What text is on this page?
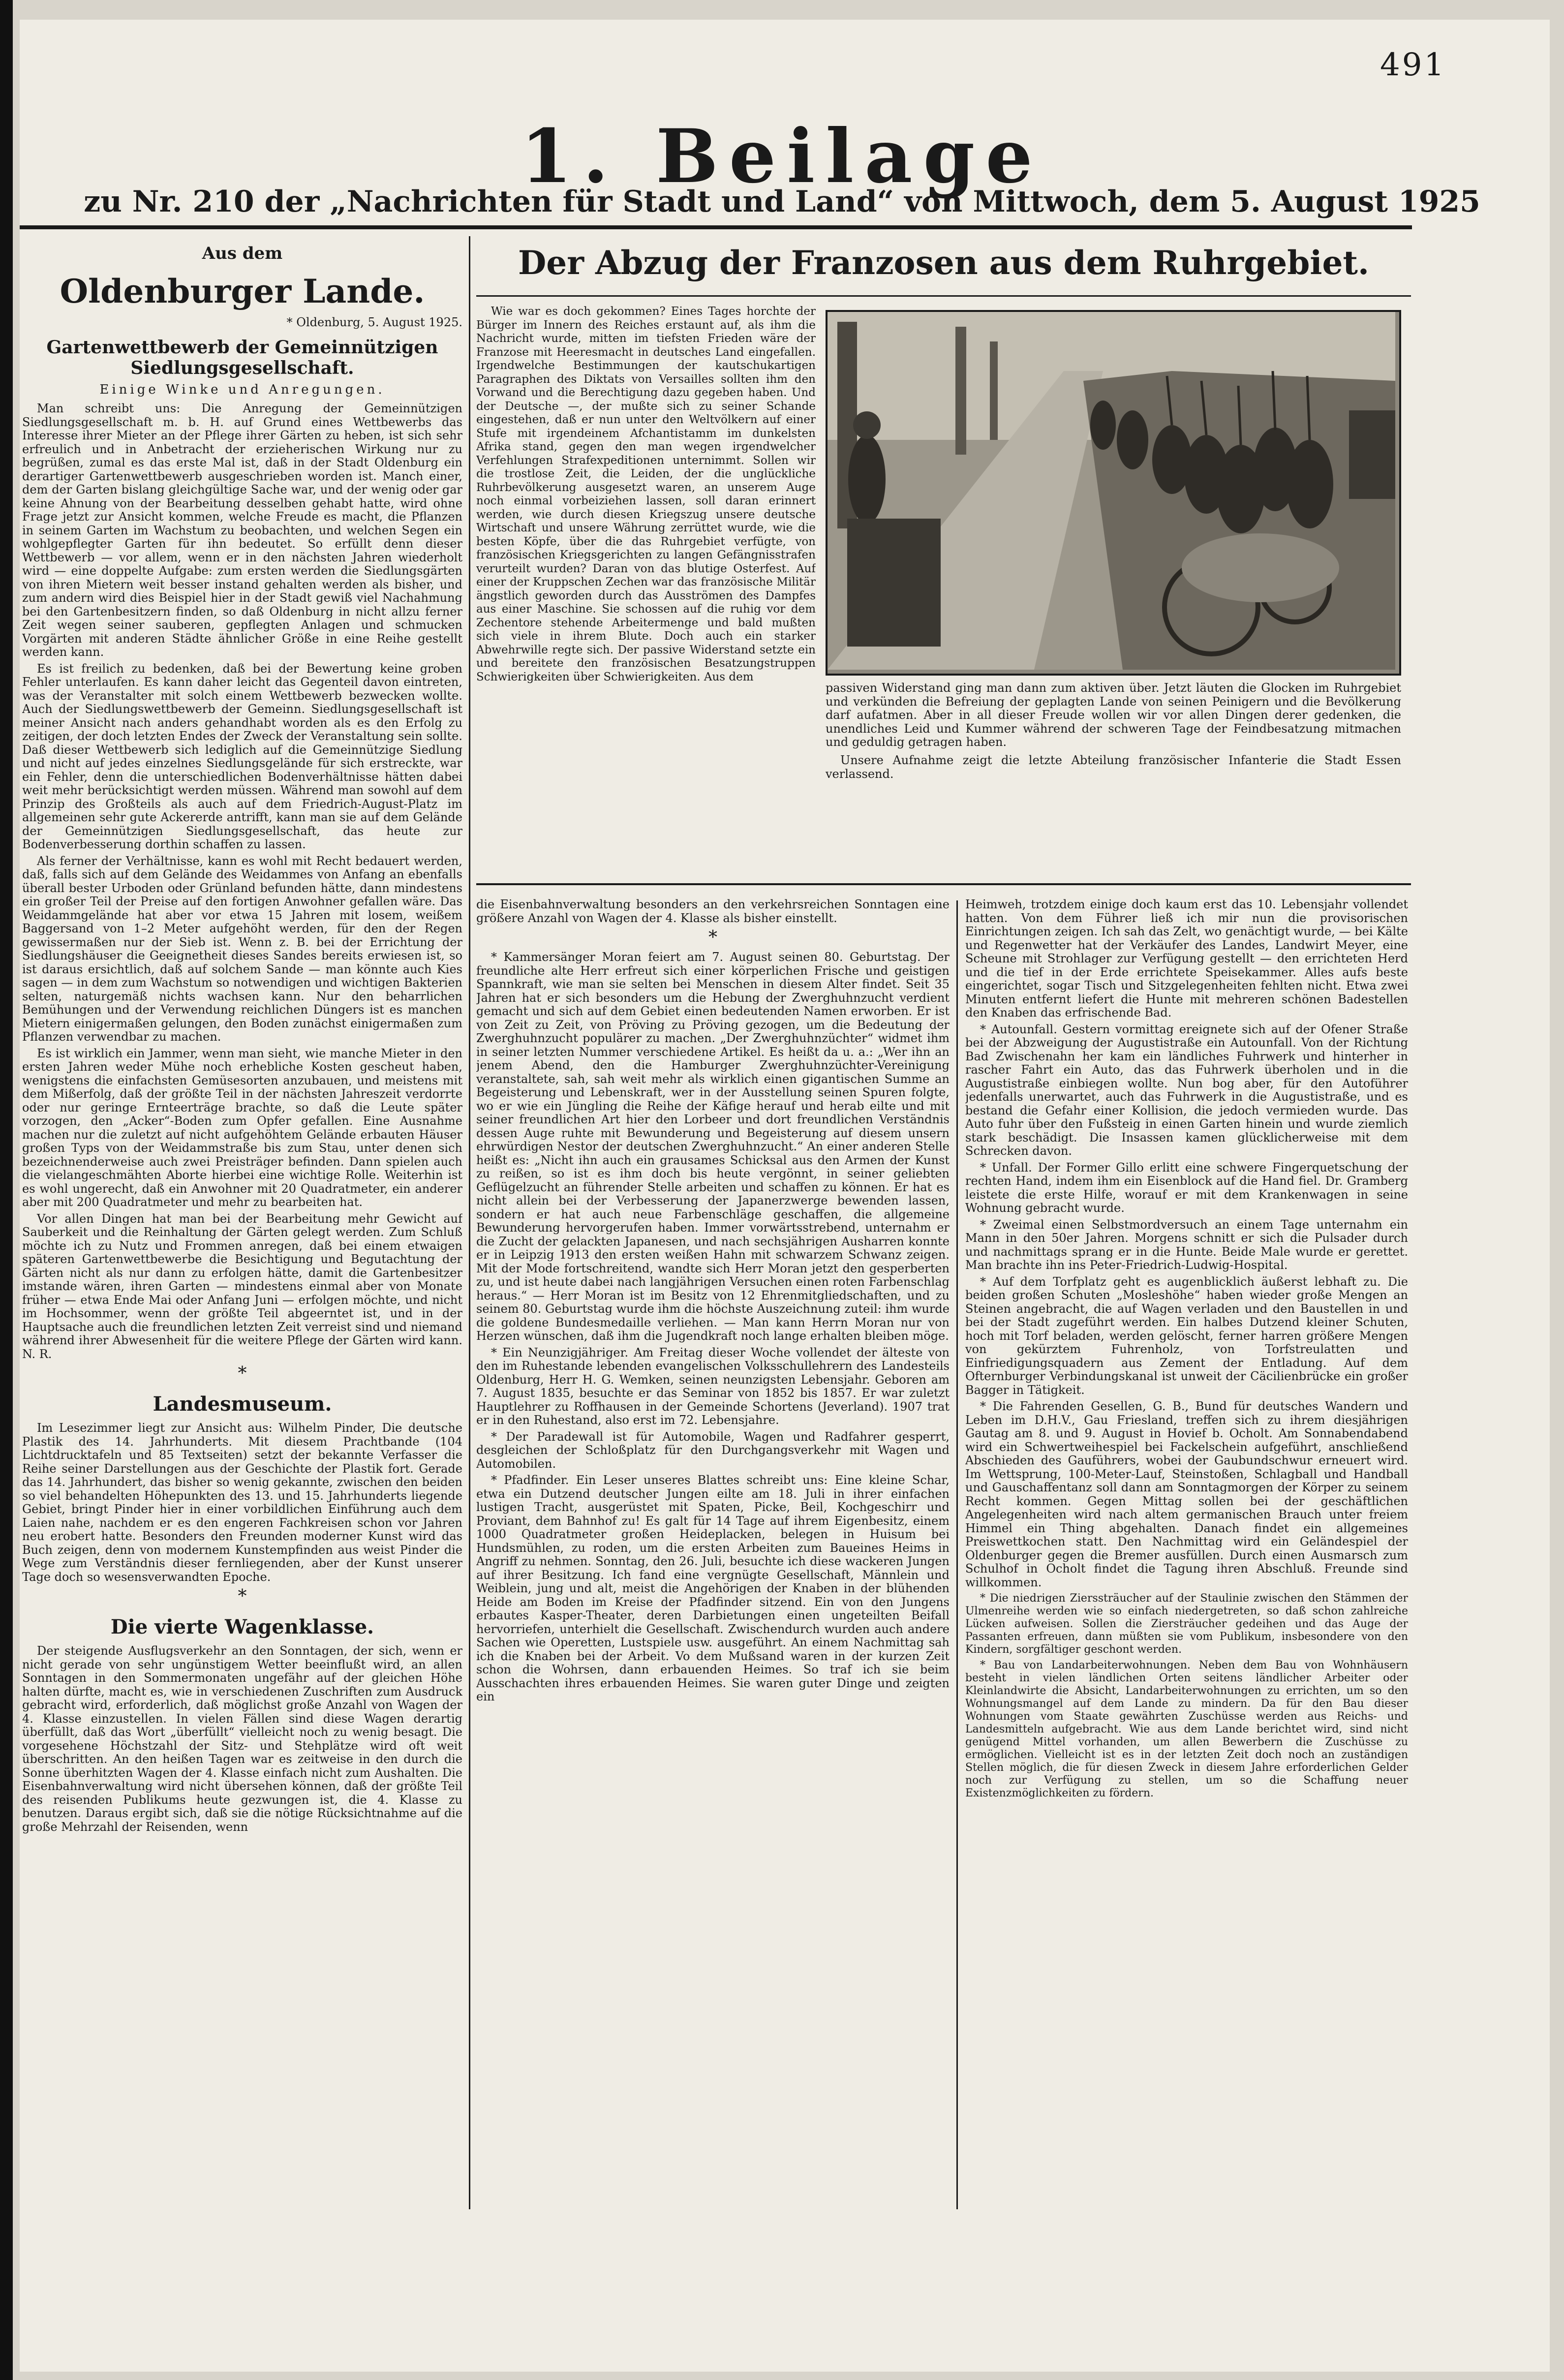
491
1. Beilage
zu Nr. 210 der „Nachrichten für Stadt und Land“ von Mittwoch, dem 5. August 1925
Aus dem
Oldenburger Lande.
* Oldenburg, 5. August 1925.
Gartenwettbewerb der Gemeinnützigen Siedlungsgesellschaft.
Einige Winke und Anregungen.

Man schreibt uns: Die Anregung der Gemeinnützigen Siedlungsgesellschaft m. b. H. auf Grund eines Wettbewerbs das Interesse ihrer Mieter an der Pflege ihrer Gärten zu heben, ist sich sehr erfreulich und in Anbetracht der erzieherischen Wirkung nur zu begrüßen, zumal es das erste Mal ist, daß in der Stadt Oldenburg ein derartiger Gartenwettbewerb ausgeschrieben worden ist. Manch einer, dem der Garten bislang gleichgültige Sache war, und der wenig oder gar keine Ahnung von der Bearbeitung desselben gehabt hatte, wird ohne Frage jetzt zur Ansicht kommen, welche Freude es macht, die Pflanzen in seinem Garten im Wachstum zu beobachten, und welchen Segen ein wohlgepflegter Garten für ihn bedeutet. So erfüllt denn dieser Wettbewerb — vor allem, wenn er in den nächsten Jahren wiederholt wird — eine doppelte Aufgabe: zum ersten werden die Siedlungsgärten von ihren Mietern weit besser instand gehalten werden als bisher, und zum andern wird dies Beispiel hier in der Stadt gewiß viel Nachahmung bei den Gartenbesitzern finden, so daß Oldenburg in nicht allzu ferner Zeit wegen seiner sauberen, gepflegten Anlagen und schmucken Vorgärten mit anderen Städte ähnlicher Größe in eine Reihe gestellt werden kann.

Es ist freilich zu bedenken, daß bei der Bewertung keine groben Fehler unterlaufen. Es kann daher leicht das Gegenteil davon eintreten, was der Veranstalter mit solch einem Wettbewerb bezwecken wollte. Auch der Siedlungswettbewerb der Gemeinn. Siedlungsgesellschaft ist meiner Ansicht nach anders gehandhabt worden als es den Erfolg zu zeitigen, der doch letzten Endes der Zweck der Veranstaltung sein sollte. Daß dieser Wettbewerb sich lediglich auf die Gemeinnützige Siedlung und nicht auf jedes einzelnes Siedlungsgelände für sich erstreckte, war ein Fehler, denn die unterschiedlichen Bodenverhältnisse hätten dabei weit mehr berücksichtigt werden müssen. Während man sowohl auf dem Prinzip des Großteils als auch auf dem Friedrich-August-Platz im allgemeinen sehr gute Ackererde antrifft, kann man sie auf dem Gelände der Gemeinnützigen Siedlungsgesellschaft, das heute zur Bodenverbesserung dorthin schaffen zu lassen.

Als ferner der Verhältnisse, kann es wohl mit Recht bedauert werden, daß, falls sich auf dem Gelände des Weidammes von Anfang an ebenfalls überall bester Urboden oder Grünland befunden hätte, dann mindestens ein großer Teil der Preise auf den fortigen Anwohner gefallen wäre. Das Weidammgelände hat aber vor etwa 15 Jahren mit losem, weißem Baggersand von 1–2 Meter aufgehöht werden, für den der Regen gewissermaßen nur der Sieb ist. Wenn z. B. bei der Errichtung der Siedlungshäuser die Geeignetheit dieses Sandes bereits erwiesen ist, so ist daraus ersichtlich, daß auf solchem Sande — man könnte auch Kies sagen — in dem zum Wachstum so notwendigen und wichtigen Bakterien selten, naturgemäß nichts wachsen kann. Nur den beharrlichen Bemühungen und der Verwendung reichlichen Düngers ist es manchen Mietern einigermaßen gelungen, den Boden zunächst einigermaßen zum Pflanzen verwendbar zu machen.

Es ist wirklich ein Jammer, wenn man sieht, wie manche Mieter in den ersten Jahren weder Mühe noch erhebliche Kosten gescheut haben, wenigstens die einfachsten Gemüsesorten anzubauen, und meistens mit dem Mißerfolg, daß der größte Teil in der nächsten Jahreszeit verdorrte oder nur geringe Ernteerträge brachte, so daß die Leute später vorzogen, den „Acker“-Boden zum Opfer gefallen. Eine Ausnahme machen nur die zuletzt auf nicht aufgehöhtem Gelände erbauten Häuser großen Typs von der Weidammstraße bis zum Stau, unter denen sich bezeichnenderweise auch zwei Preisträger befinden. Dann spielen auch die vielangeschmähten Aborte hierbei eine wichtige Rolle. Weiterhin ist es wohl ungerecht, daß ein Anwohner mit 20 Quadratmeter, ein anderer aber mit 200 Quadratmeter und mehr zu bearbeiten hat.

Vor allen Dingen hat man bei der Bearbeitung mehr Gewicht auf Sauberkeit und die Reinhaltung der Gärten gelegt werden. Zum Schluß möchte ich zu Nutz und Frommen anregen, daß bei einem etwaigen späteren Gartenwettbewerbe die Besichtigung und Begutachtung der Gärten nicht als nur dann zu erfolgen hätte, damit die Gartenbesitzer imstande wären, ihren Garten — mindestens einmal aber von Monate früher — etwa Ende Mai oder Anfang Juni — erfolgen möchte, und nicht im Hochsommer, wenn der größte Teil abgeerntet ist, und in der Hauptsache auch die freundlichen letzten Zeit verreist sind und niemand während ihrer Abwesenheit für die weitere Pflege der Gärten wird kann. N. R.

*
Landesmuseum.

Im Lesezimmer liegt zur Ansicht aus: Wilhelm Pinder, Die deutsche Plastik des 14. Jahrhunderts. Mit diesem Prachtbande (104 Lichtdrucktafeln und 85 Textseiten) setzt der bekannte Verfasser die Reihe seiner Darstellungen aus der Geschichte der Plastik fort. Gerade das 14. Jahrhundert, das bisher so wenig gekannte, zwischen den beiden so viel behandelten Höhepunkten des 13. und 15. Jahrhunderts liegende Gebiet, bringt Pinder hier in einer vorbildlichen Einführung auch dem Laien nahe, nachdem er es den engeren Fachkreisen schon vor Jahren neu erobert hatte. Besonders den Freunden moderner Kunst wird das Buch zeigen, denn von modernem Kunstempfinden aus weist Pinder die Wege zum Verständnis dieser fernliegenden, aber der Kunst unserer Tage doch so wesensverwandten Epoche.

*
Die vierte Wagenklasse.

Der steigende Ausflugsverkehr an den Sonntagen, der sich, wenn er nicht gerade von sehr ungünstigem Wetter beeinflußt wird, an allen Sonntagen in den Sommermonaten ungefähr auf der gleichen Höhe halten dürfte, macht es, wie in verschiedenen Zuschriften zum Ausdruck gebracht wird, erforderlich, daß möglichst große Anzahl von Wagen der 4. Klasse einzustellen. In vielen Fällen sind diese Wagen derartig überfüllt, daß das Wort „überfüllt“ vielleicht noch zu wenig besagt. Die vorgesehene Höchstzahl der Sitz- und Stehplätze wird oft weit überschritten. An den heißen Tagen war es zeitweise in den durch die Sonne überhitzten Wagen der 4. Klasse einfach nicht zum Aushalten. Die Eisenbahnverwaltung wird nicht übersehen können, daß der größte Teil des reisenden Publikums heute gezwungen ist, die 4. Klasse zu benutzen. Daraus ergibt sich, daß sie die nötige Rücksichtnahme auf die große Mehrzahl der Reisenden, wenn

Der Abzug der Franzosen aus dem Ruhrgebiet.

Wie war es doch gekommen? Eines Tages horchte der Bürger im Innern des Reiches erstaunt auf, als ihm die Nachricht wurde, mitten im tiefsten Frieden wäre der Franzose mit Heeresmacht in deutsches Land eingefallen. Irgendwelche Bestimmungen der kautschukartigen Paragraphen des Diktats von Versailles sollten ihm den Vorwand und die Berechtigung dazu gegeben haben. Und der Deutsche —, der mußte sich zu seiner Schande eingestehen, daß er nun unter den Weltvölkern auf einer Stufe mit irgendeinem Afchantistamm im dunkelsten Afrika stand, gegen den man wegen irgendwelcher Verfehlungen Strafexpeditionen unternimmt. Sollen wir die trostlose Zeit, die Leiden, der die unglückliche Ruhrbevölkerung ausgesetzt waren, an unserem Auge noch einmal vorbeiziehen lassen, soll daran erinnert werden, wie durch diesen Kriegszug unsere deutsche Wirtschaft und unsere Währung zerrüttet wurde, wie die besten Köpfe, über die das Ruhrgebiet verfügte, von französischen Kriegsgerichten zu langen Gefängnisstrafen verurteilt wurden? Daran von das blutige Osterfest. Auf einer der Kruppschen Zechen war das französische Militär ängstlich geworden durch das Ausströmen des Dampfes aus einer Maschine. Sie schossen auf die ruhig vor dem Zechentore stehende Arbeitermenge und bald mußten sich viele in ihrem Blute. Doch auch ein starker Abwehrwille regte sich. Der passive Widerstand setzte ein und bereitete den französischen Besatzungstruppen Schwierigkeiten über Schwierigkeiten. Aus dem

passiven Widerstand ging man dann zum aktiven über. Jetzt läuten die Glocken im Ruhrgebiet und verkünden die Befreiung der geplagten Lande von seinen Peinigern und die Bevölkerung darf aufatmen. Aber in all dieser Freude wollen wir vor allen Dingen derer gedenken, die unendliches Leid und Kummer während der schweren Tage der Feindbesatzung mitmachen und geduldig getragen haben.

Unsere Aufnahme zeigt die letzte Abteilung französischer Infanterie die Stadt Essen verlassend.

die Eisenbahnverwaltung besonders an den verkehrsreichen Sonntagen eine größere Anzahl von Wagen der 4. Klasse als bisher einstellt.

*

* Kammersänger Moran feiert am 7. August seinen 80. Geburtstag. Der freundliche alte Herr erfreut sich einer körperlichen Frische und geistigen Spannkraft, wie man sie selten bei Menschen in diesem Alter findet. Seit 35 Jahren hat er sich besonders um die Hebung der Zwerghuhnzucht verdient gemacht und sich auf dem Gebiet einen bedeutenden Namen erworben. Er ist von Zeit zu Zeit, von Pröving zu Pröving gezogen, um die Bedeutung der Zwerghuhnzucht populärer zu machen. „Der Zwerghuhnzüchter“ widmet ihm in seiner letzten Nummer verschiedene Artikel. Es heißt da u. a.: „Wer ihn an jenem Abend, den die Hamburger Zwerghuhnzüchter-Vereinigung veranstaltete, sah, sah weit mehr als wirklich einen gigantischen Summe an Begeisterung und Lebenskraft, wer in der Ausstellung seinen Spuren folgte, wo er wie ein Jüngling die Reihe der Käfige herauf und herab eilte und mit seiner freundlichen Art hier den Lorbeer und dort freundlichen Verständnis dessen Auge ruhte mit Bewunderung und Begeisterung auf diesem unsern ehrwürdigen Nestor der deutschen Zwerghuhnzucht.“ An einer anderen Stelle heißt es: „Nicht ihn auch ein grausames Schicksal aus den Armen der Kunst zu reißen, so ist es ihm doch bis heute vergönnt, in seiner geliebten Geflügelzucht an führender Stelle arbeiten und schaffen zu können. Er hat es nicht allein bei der Verbesserung der Japanerzwerge bewenden lassen, sondern er hat auch neue Farbenschläge geschaffen, die allgemeine Bewunderung hervorgerufen haben. Immer vorwärtsstrebend, unternahm er die Zucht der gelackten Japanesen, und nach sechsjährigen Ausharren konnte er in Leipzig 1913 den ersten weißen Hahn mit schwarzem Schwanz zeigen. Mit der Mode fortschreitend, wandte sich Herr Moran jetzt den gesperberten zu, und ist heute dabei nach langjährigen Versuchen einen roten Farbenschlag heraus.“ — Herr Moran ist im Besitz von 12 Ehrenmitgliedschaften, und zu seinem 80. Geburtstag wurde ihm die höchste Auszeichnung zuteil: ihm wurde die goldene Bundesmedaille verliehen. — Man kann Herrn Moran nur von Herzen wünschen, daß ihm die Jugendkraft noch lange erhalten bleiben möge.

* Ein Neunzigjähriger. Am Freitag dieser Woche vollendet der älteste von den im Ruhestande lebenden evangelischen Volksschullehrern des Landesteils Oldenburg, Herr H. G. Wemken, seinen neunzigsten Lebensjahr. Geboren am 7. August 1835, besuchte er das Seminar von 1852 bis 1857. Er war zuletzt Hauptlehrer zu Roffhausen in der Gemeinde Schortens (Jeverland). 1907 trat er in den Ruhestand, also erst im 72. Lebensjahre.

* Der Paradewall ist für Automobile, Wagen und Radfahrer gesperrt, desgleichen der Schloßplatz für den Durchgangsverkehr mit Wagen und Automobilen.

* Pfadfinder. Ein Leser unseres Blattes schreibt uns: Eine kleine Schar, etwa ein Dutzend deutscher Jungen eilte am 18. Juli in ihrer einfachen lustigen Tracht, ausgerüstet mit Spaten, Picke, Beil, Kochgeschirr und Proviant, dem Bahnhof zu! Es galt für 14 Tage auf ihrem Eigenbesitz, einem 1000 Quadratmeter großen Heideplacken, belegen in Huisum bei Hundsmühlen, zu roden, um die ersten Arbeiten zum Baueines Heims in Angriff zu nehmen. Sonntag, den 26. Juli, besuchte ich diese wackeren Jungen auf ihrer Besitzung. Ich fand eine vergnügte Gesellschaft, Männlein und Weiblein, jung und alt, meist die Angehörigen der Knaben in der blühenden Heide am Boden im Kreise der Pfadfinder sitzend. Ein von den Jungens erbautes Kasper-Theater, deren Darbietungen einen ungeteilten Beifall hervorriefen, unterhielt die Gesellschaft. Zwischendurch wurden auch andere Sachen wie Operetten, Lustspiele usw. ausgeführt. An einem Nachmittag sah ich die Knaben bei der Arbeit. Vo dem Mußsand waren in der kurzen Zeit schon die Wohrsen, dann erbauenden Heimes. So traf ich sie beim Ausschachten ihres erbauenden Heimes. Sie waren guter Dinge und zeigten ein

Heimweh, trotzdem einige doch kaum erst das 10. Lebensjahr vollendet hatten. Von dem Führer ließ ich mir nun die provisorischen Einrichtungen zeigen. Ich sah das Zelt, wo genächtigt wurde, — bei Kälte und Regenwetter hat der Verkäufer des Landes, Landwirt Meyer, eine Scheune mit Strohlager zur Verfügung gestellt — den errichteten Herd und die tief in der Erde errichtete Speisekammer. Alles aufs beste eingerichtet, sogar Tisch und Sitzgelegenheiten fehlten nicht. Etwa zwei Minuten entfernt liefert die Hunte mit mehreren schönen Badestellen den Knaben das erfrischende Bad.

* Autounfall. Gestern vormittag ereignete sich auf der Ofener Straße bei der Abzweigung der Augustistraße ein Autounfall. Von der Richtung Bad Zwischenahn her kam ein ländliches Fuhrwerk und hinterher in rascher Fahrt ein Auto, das das Fuhrwerk überholen und in die Augustistraße einbiegen wollte. Nun bog aber, für den Autoführer jedenfalls unerwartet, auch das Fuhrwerk in die Augustistraße, und es bestand die Gefahr einer Kollision, die jedoch vermieden wurde. Das Auto fuhr über den Fußsteig in einen Garten hinein und wurde ziemlich stark beschädigt. Die Insassen kamen glücklicherweise mit dem Schrecken davon.

* Unfall. Der Former Gillo erlitt eine schwere Fingerquetschung der rechten Hand, indem ihm ein Eisenblock auf die Hand fiel. Dr. Gramberg leistete die erste Hilfe, worauf er mit dem Krankenwagen in seine Wohnung gebracht wurde.

* Zweimal einen Selbstmordversuch an einem Tage unternahm ein Mann in den 50er Jahren. Morgens schnitt er sich die Pulsader durch und nachmittags sprang er in die Hunte. Beide Male wurde er gerettet. Man brachte ihn ins Peter-Friedrich-Ludwig-Hospital.

* Auf dem Torfplatz geht es augenblicklich äußerst lebhaft zu. Die beiden großen Schuten „Mosleshöhe“ haben wieder große Mengen an Steinen angebracht, die auf Wagen verladen und den Baustellen in und bei der Stadt zugeführt werden. Ein halbes Dutzend kleiner Schuten, hoch mit Torf beladen, werden gelöscht, ferner harren größere Mengen von gekürztem Fuhrenholz, von Torfstreulatten und Einfriedigungsquadern aus Zement der Entladung. Auf dem Ofternburger Verbindungskanal ist unweit der Cäcilienbrücke ein großer Bagger in Tätigkeit.

* Die Fahrenden Gesellen, G. B., Bund für deutsches Wandern und Leben im D.H.V., Gau Friesland, treffen sich zu ihrem diesjährigen Gautag am 8. und 9. August in Hovief b. Ocholt. Am Sonnabendabend wird ein Schwertweihespiel bei Fackelschein aufgeführt, anschließend Abschieden des Gauführers, wobei der Gaubundschwur erneuert wird. Im Wettsprung, 100-Meter-Lauf, Steinstoßen, Schlagball und Handball und Gauschaffentanz soll dann am Sonntagmorgen der Körper zu seinem Recht kommen. Gegen Mittag sollen bei der geschäftlichen Angelegenheiten wird nach altem germanischen Brauch unter freiem Himmel ein Thing abgehalten. Danach findet ein allgemeines Preiswettkochen statt. Den Nachmittag wird ein Geländespiel der Oldenburger gegen die Bremer ausfüllen. Durch einen Ausmarsch zum Schulhof in Ocholt findet die Tagung ihren Abschluß. Freunde sind willkommen.

* Die niedrigen Zierssträucher auf der Staulinie zwischen den Stämmen der Ulmenreihe werden wie so einfach niedergetreten, so daß schon zahlreiche Lücken aufweisen. Sollen die Ziersträucher gedeihen und das Auge der Passanten erfreuen, dann müßten sie vom Publikum, insbesondere von den Kindern, sorgfältiger geschont werden.

* Bau von Landarbeiterwohnungen. Neben dem Bau von Wohnhäusern besteht in vielen ländlichen Orten seitens ländlicher Arbeiter oder Kleinlandwirte die Absicht, Landarbeiterwohnungen zu errichten, um so den Wohnungsmangel auf dem Lande zu mindern. Da für den Bau dieser Wohnungen vom Staate gewährten Zuschüsse werden aus Reichs- und Landesmitteln aufgebracht. Wie aus dem Lande berichtet wird, sind nicht genügend Mittel vorhanden, um allen Bewerbern die Zuschüsse zu ermöglichen. Vielleicht ist es in der letzten Zeit doch noch an zuständigen Stellen möglich, die für diesen Zweck in diesem Jahre erforderlichen Gelder noch zur Verfügung zu stellen, um so die Schaffung neuer Existenzmöglichkeiten zu fördern.
